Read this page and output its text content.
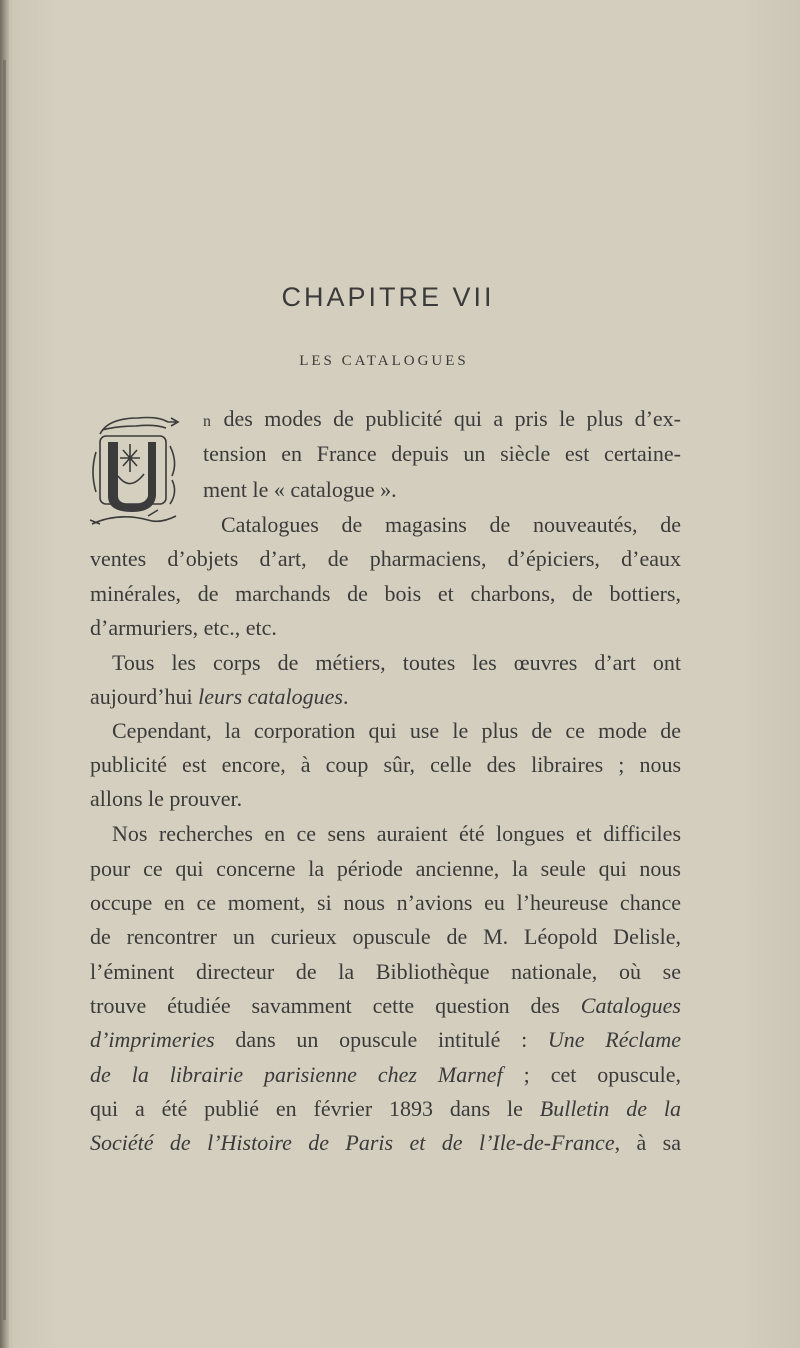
CHAPITRE VII
LES CATALOGUES
n des modes de publicité qui a pris le plus d’ex-
tension en France depuis un siècle est certaine-
ment le « catalogue ».
Catalogues de magasins de nouveautés, de
ventes d’objets d’art, de pharmaciens, d’épiciers, d’eaux
minérales, de marchands de bois et charbons, de bottiers,
d’armuriers, etc., etc.
Tous les corps de métiers, toutes les œuvres d’art ont
aujourd’hui leurs catalogues.
Cependant, la corporation qui use le plus de ce mode de
publicité est encore, à coup sûr, celle des libraires ; nous
allons le prouver.
Nos recherches en ce sens auraient été longues et difficiles
pour ce qui concerne la période ancienne, la seule qui nous
occupe en ce moment, si nous n’avions eu l’heureuse chance
de rencontrer un curieux opuscule de M. Léopold Delisle,
l’éminent directeur de la Bibliothèque nationale, où se
trouve étudiée savamment cette question des Catalogues
d’imprimeries dans un opuscule intitulé : Une Réclame
de la librairie parisienne chez Marnef ; cet opuscule,
qui a été publié en février 1893 dans le Bulletin de la
Société de l’Histoire de Paris et de l’Ile-de-France, à sa
